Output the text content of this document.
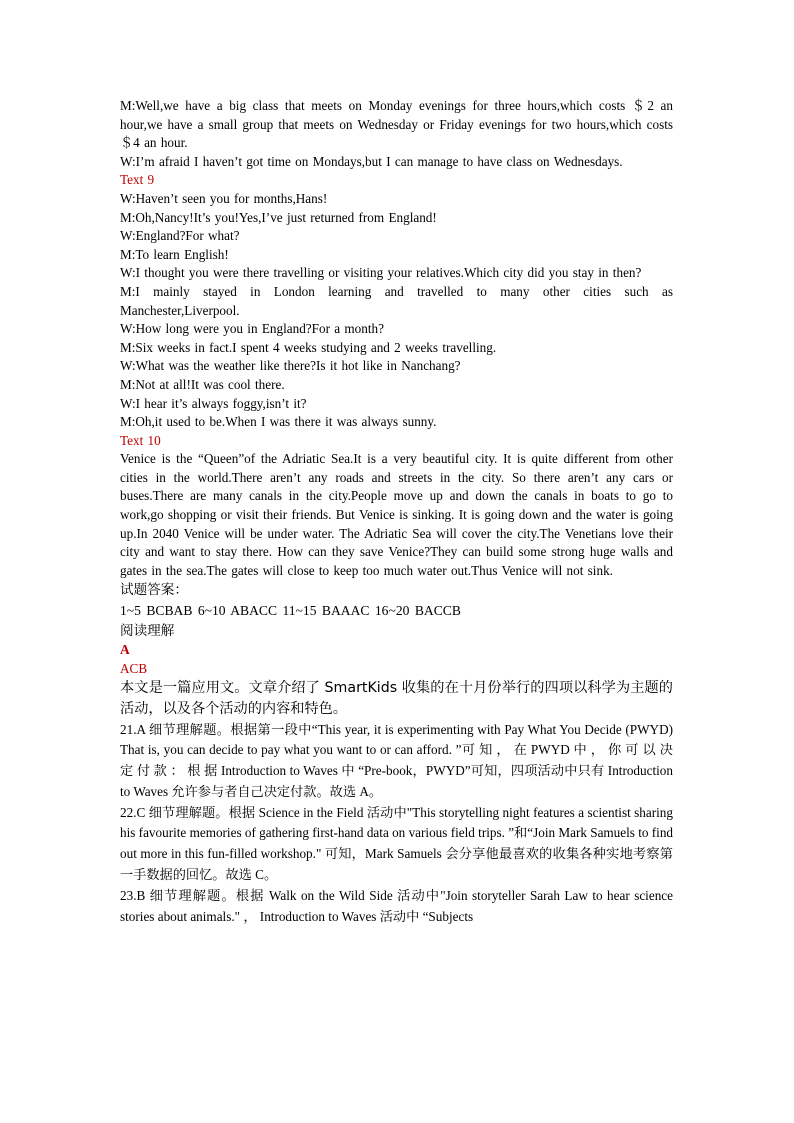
M:Well,we have a big class that meets on Monday evenings for three hours,which costs ＄2 an hour,we have a small group that meets on Wednesday or Friday evenings for two hours,which costs ＄4 an hour.
W:I’m afraid I haven’t got time on Mondays,but I can manage to have class on Wednesdays.
Text 9
W:Haven’t seen you for months,Hans!
M:Oh,Nancy!It’s you!Yes,I’ve just returned from England!
W:England?For what?
M:To learn English!
W:I thought you were there travelling or visiting your relatives.Which city did you stay in then?
M:I mainly stayed in London learning and travelled to many other cities such as Manchester,Liverpool.
W:How long were you in England?For a month?
M:Six weeks in fact.I spent 4 weeks studying and 2 weeks travelling.
W:What was the weather like there?Is it hot like in Nanchang?
M:Not at all!It was cool there.
W:I hear it’s always foggy,isn’t it?
M:Oh,it used to be.When I was there it was always sunny.
Text 10
Venice is the “Queen”of the Adriatic Sea.It is a very beautiful city. It is quite different from other cities in the world.There aren’t any roads and streets in the city. So there aren’t any cars or buses.There are many canals in the city.People move up and down the canals in boats to go to work,go shopping or visit their friends. But Venice is sinking. It is going down and the water is going up.In 2040 Venice will be under water. The Adriatic Sea will cover the city.The Venetians love their city and want to stay there. How can they save Venice?They can build some strong huge walls and gates in the sea.The gates will close to keep too much water out.Thus Venice will not sink.
试题答案：
1~5 BCBAB 6~10 ABACC 11~15 BAAAC 16~20 BACCB
阅读理解
A
ACB
本文是一篇应用文。文章介绍了 SmartKids 收集的在十月份举行的四项以科学为主题的活动，以及各个活动的内容和特色。
21.A 细节理解题。根据第一段中“This year, it is experimenting with Pay What You Decide (PWYD) That is, you can decide to pay what you want to or can afford. ”可 知 ， 在 PWYD 中 ， 你 可 以 决 定 付 款 ： 根 据 Introduction to Waves 中 “Pre-book，PWYD”可知，四项活动中只有 Introduction to Waves 允许参与者自己决定付款。故选 A。
22.C 细节理解题。根据 Science in the Field 活动中"This storytelling night features a scientist sharing his favourite memories of gathering first-hand data on various field trips. ”和“Join Mark Samuels to find out more in this fun-filled workshop." 可知，Mark Samuels 会分享他最喜欢的收集各种实地考察第一手数据的回忆。故选 C。
23.B 细节理解题。根据 Walk on the Wild Side 活动中"Join storyteller Sarah Law to hear science stories about animals." ， Introduction to Waves 活动中 “Subjects
